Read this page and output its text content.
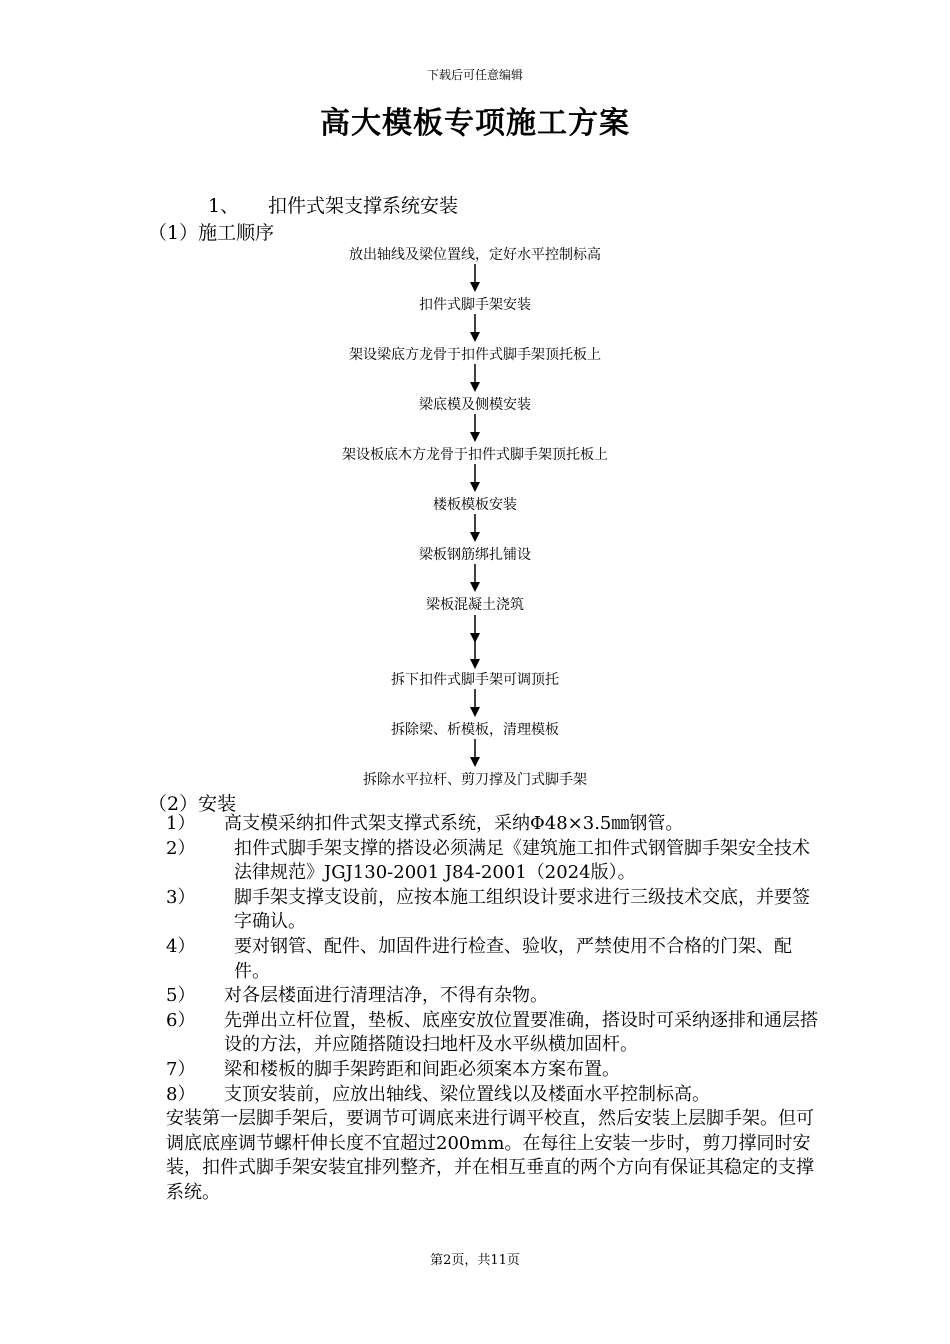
下载后可任意编辑
高大模板专项施工方案
1、 扣件式架支撑系统安装
（1）施工顺序
放出轴线及梁位置线，定好水平控制标高
扣件式脚手架安装
架设梁底方龙骨于扣件式脚手架顶托板上
梁底模及侧模安装
架设板底木方龙骨于扣件式脚手架顶托板上
楼板模板安装
梁板钢筋绑扎铺设
梁板混凝土浇筑
拆下扣件式脚手架可调顶托
拆除梁、析模板，清理模板
拆除水平拉杆、剪刀撑及门式脚手架
（2）安装
1）	高支模采纳扣件式架支撑式系统，采纳Φ48×3.5㎜钢管。
2）	扣件式脚手架支撑的搭设必须满足《建筑施工扣件式钢管脚手架安全技术法律规范》JGJ130-2001 J84-2001（2024版）。
3）	脚手架支撑支设前，应按本施工组织设计要求进行三级技术交底，并要签字确认。
4）	要对钢管、配件、加固件进行检查、验收，严禁使用不合格的门架、配件。
5）	对各层楼面进行清理洁净，不得有杂物。
6）	先弹出立杆位置，垫板、底座安放位置要准确，搭设时可采纳逐排和通层搭设的方法，并应随搭随设扫地杆及水平纵横加固杆。
7）	梁和楼板的脚手架跨距和间距必须案本方案布置。
8）	支顶安装前，应放出轴线、梁位置线以及楼面水平控制标高。
安装第一层脚手架后，要调节可调底来进行调平校直，然后安装上层脚手架。但可调底底座调节螺杆伸长度不宜超过200mm。在每往上安装一步时，剪刀撑同时安装，扣件式脚手架安装宜排列整齐，并在相互垂直的两个方向有保证其稳定的支撑系统。
第2页，共11页
